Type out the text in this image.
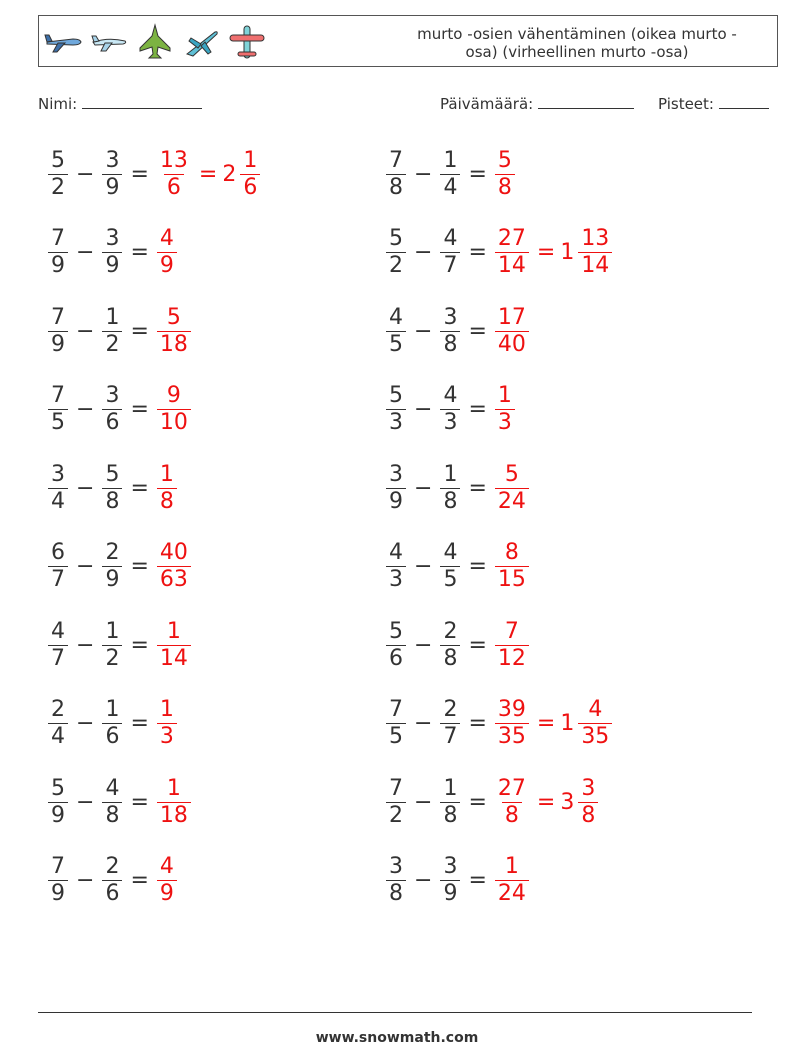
murto -osien vähentäminen (oikea murto -
osa) (virheellinen murto -osa)
Nimi:	Päivämäärä:	Pisteet:
$\frac{5}{2} - \frac{3}{9} = \frac{13}{6} = 2 \frac{1}{6}$	$\frac{7}{8} - \frac{1}{4} = \frac{5}{8}$
$\frac{7}{9} - \frac{3}{9} = \frac{4}{9}$	$\frac{5}{2} - \frac{4}{7} = \frac{27}{14} = 1 \frac{13}{14}$
$\frac{7}{9} - \frac{1}{2} = \frac{5}{18}$	$\frac{4}{5} - \frac{3}{8} = \frac{17}{40}$
$\frac{7}{5} - \frac{3}{6} = \frac{9}{10}$	$\frac{5}{3} - \frac{4}{3} = \frac{1}{3}$
$\frac{3}{4} - \frac{5}{8} = \frac{1}{8}$	$\frac{3}{9} - \frac{1}{8} = \frac{5}{24}$
$\frac{6}{7} - \frac{2}{9} = \frac{40}{63}$	$\frac{4}{3} - \frac{4}{5} = \frac{8}{15}$
$\frac{4}{7} - \frac{1}{2} = \frac{1}{14}$	$\frac{5}{6} - \frac{2}{8} = \frac{7}{12}$
$\frac{2}{4} - \frac{1}{6} = \frac{1}{3}$	$\frac{7}{5} - \frac{2}{7} = \frac{39}{35} = 1 \frac{4}{35}$
$\frac{5}{9} - \frac{4}{8} = \frac{1}{18}$	$\frac{7}{2} - \frac{1}{8} = \frac{27}{8} = 3 \frac{3}{8}$
$\frac{7}{9} - \frac{2}{6} = \frac{4}{9}$	$\frac{3}{8} - \frac{3}{9} = \frac{1}{24}$
www.snowmath.com
